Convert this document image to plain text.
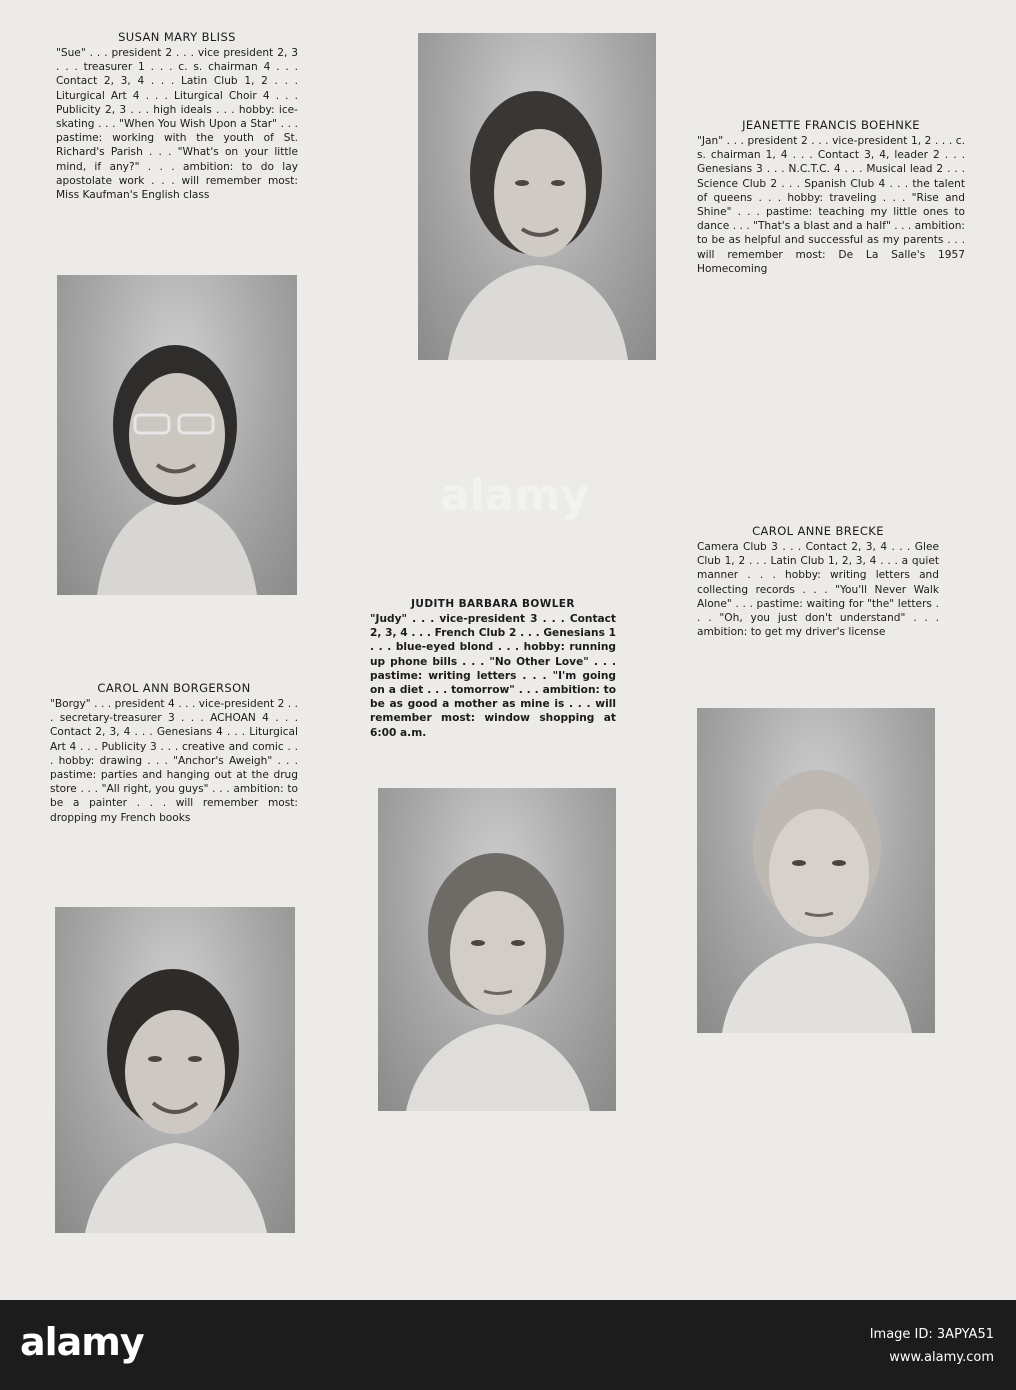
SUSAN MARY BLISS

"Sue" . . . president 2 . . . vice president 2, 3 . . . treasurer 1 . . . c. s. chairman 4 . . . Contact 2, 3, 4 . . . Latin Club 1, 2 . . . Liturgical Art 4 . . . Liturgical Choir 4 . . . Publicity 2, 3 . . . high ideals . . . hobby: ice-skating . . . "When You Wish Upon a Star" . . . pastime: working with the youth of St. Richard's Parish . . . "What's on your little mind, if any?" . . . ambition: to do lay apostolate work . . . will remember most: Miss Kaufman's English class

JEANETTE FRANCIS BOEHNKE

"Jan" . . . president 2 . . . vice-president 1, 2 . . . c. s. chairman 1, 4 . . . Contact 3, 4, leader 2 . . . Genesians 3 . . . N.C.T.C. 4 . . . Musical lead 2 . . . Science Club 2 . . . Spanish Club 4 . . . the talent of queens . . . hobby: traveling . . . "Rise and Shine" . . . pastime: teaching my little ones to dance . . . "That's a blast and a half" . . . ambition: to be as helpful and successful as my parents . . . will remember most: De La Salle's 1957 Homecoming

CAROL ANNE BRECKE

Camera Club 3 . . . Contact 2, 3, 4 . . . Glee Club 1, 2 . . . Latin Club 1, 2, 3, 4 . . . a quiet manner . . . hobby: writing letters and collecting records . . . "You'll Never Walk Alone" . . . pastime: waiting for "the" letters . . . "Oh, you just don't understand" . . . ambition: to get my driver's license

JUDITH BARBARA BOWLER

"Judy" . . . vice-president 3 . . . Contact 2, 3, 4 . . . French Club 2 . . . Genesians 1 . . . blue-eyed blond . . . hobby: running up phone bills . . . "No Other Love" . . . pastime: writing letters . . . "I'm going on a diet . . . tomorrow" . . . ambition: to be as good a mother as mine is . . . will remember most: window shopping at 6:00 a.m.

CAROL ANN BORGERSON

"Borgy" . . . president 4 . . . vice-president 2 . . . secretary-treasurer 3 . . . ACHOAN 4 . . . Contact 2, 3, 4 . . . Genesians 4 . . . Liturgical Art 4 . . . Publicity 3 . . . creative and comic . . . hobby: drawing . . . "Anchor's Aweigh" . . . pastime: parties and hanging out at the drug store . . . "All right, you guys" . . . ambition: to be a painter . . . will remember most: dropping my French books

alamy
alamy	Image ID: 3APYA51
www.alamy.com
